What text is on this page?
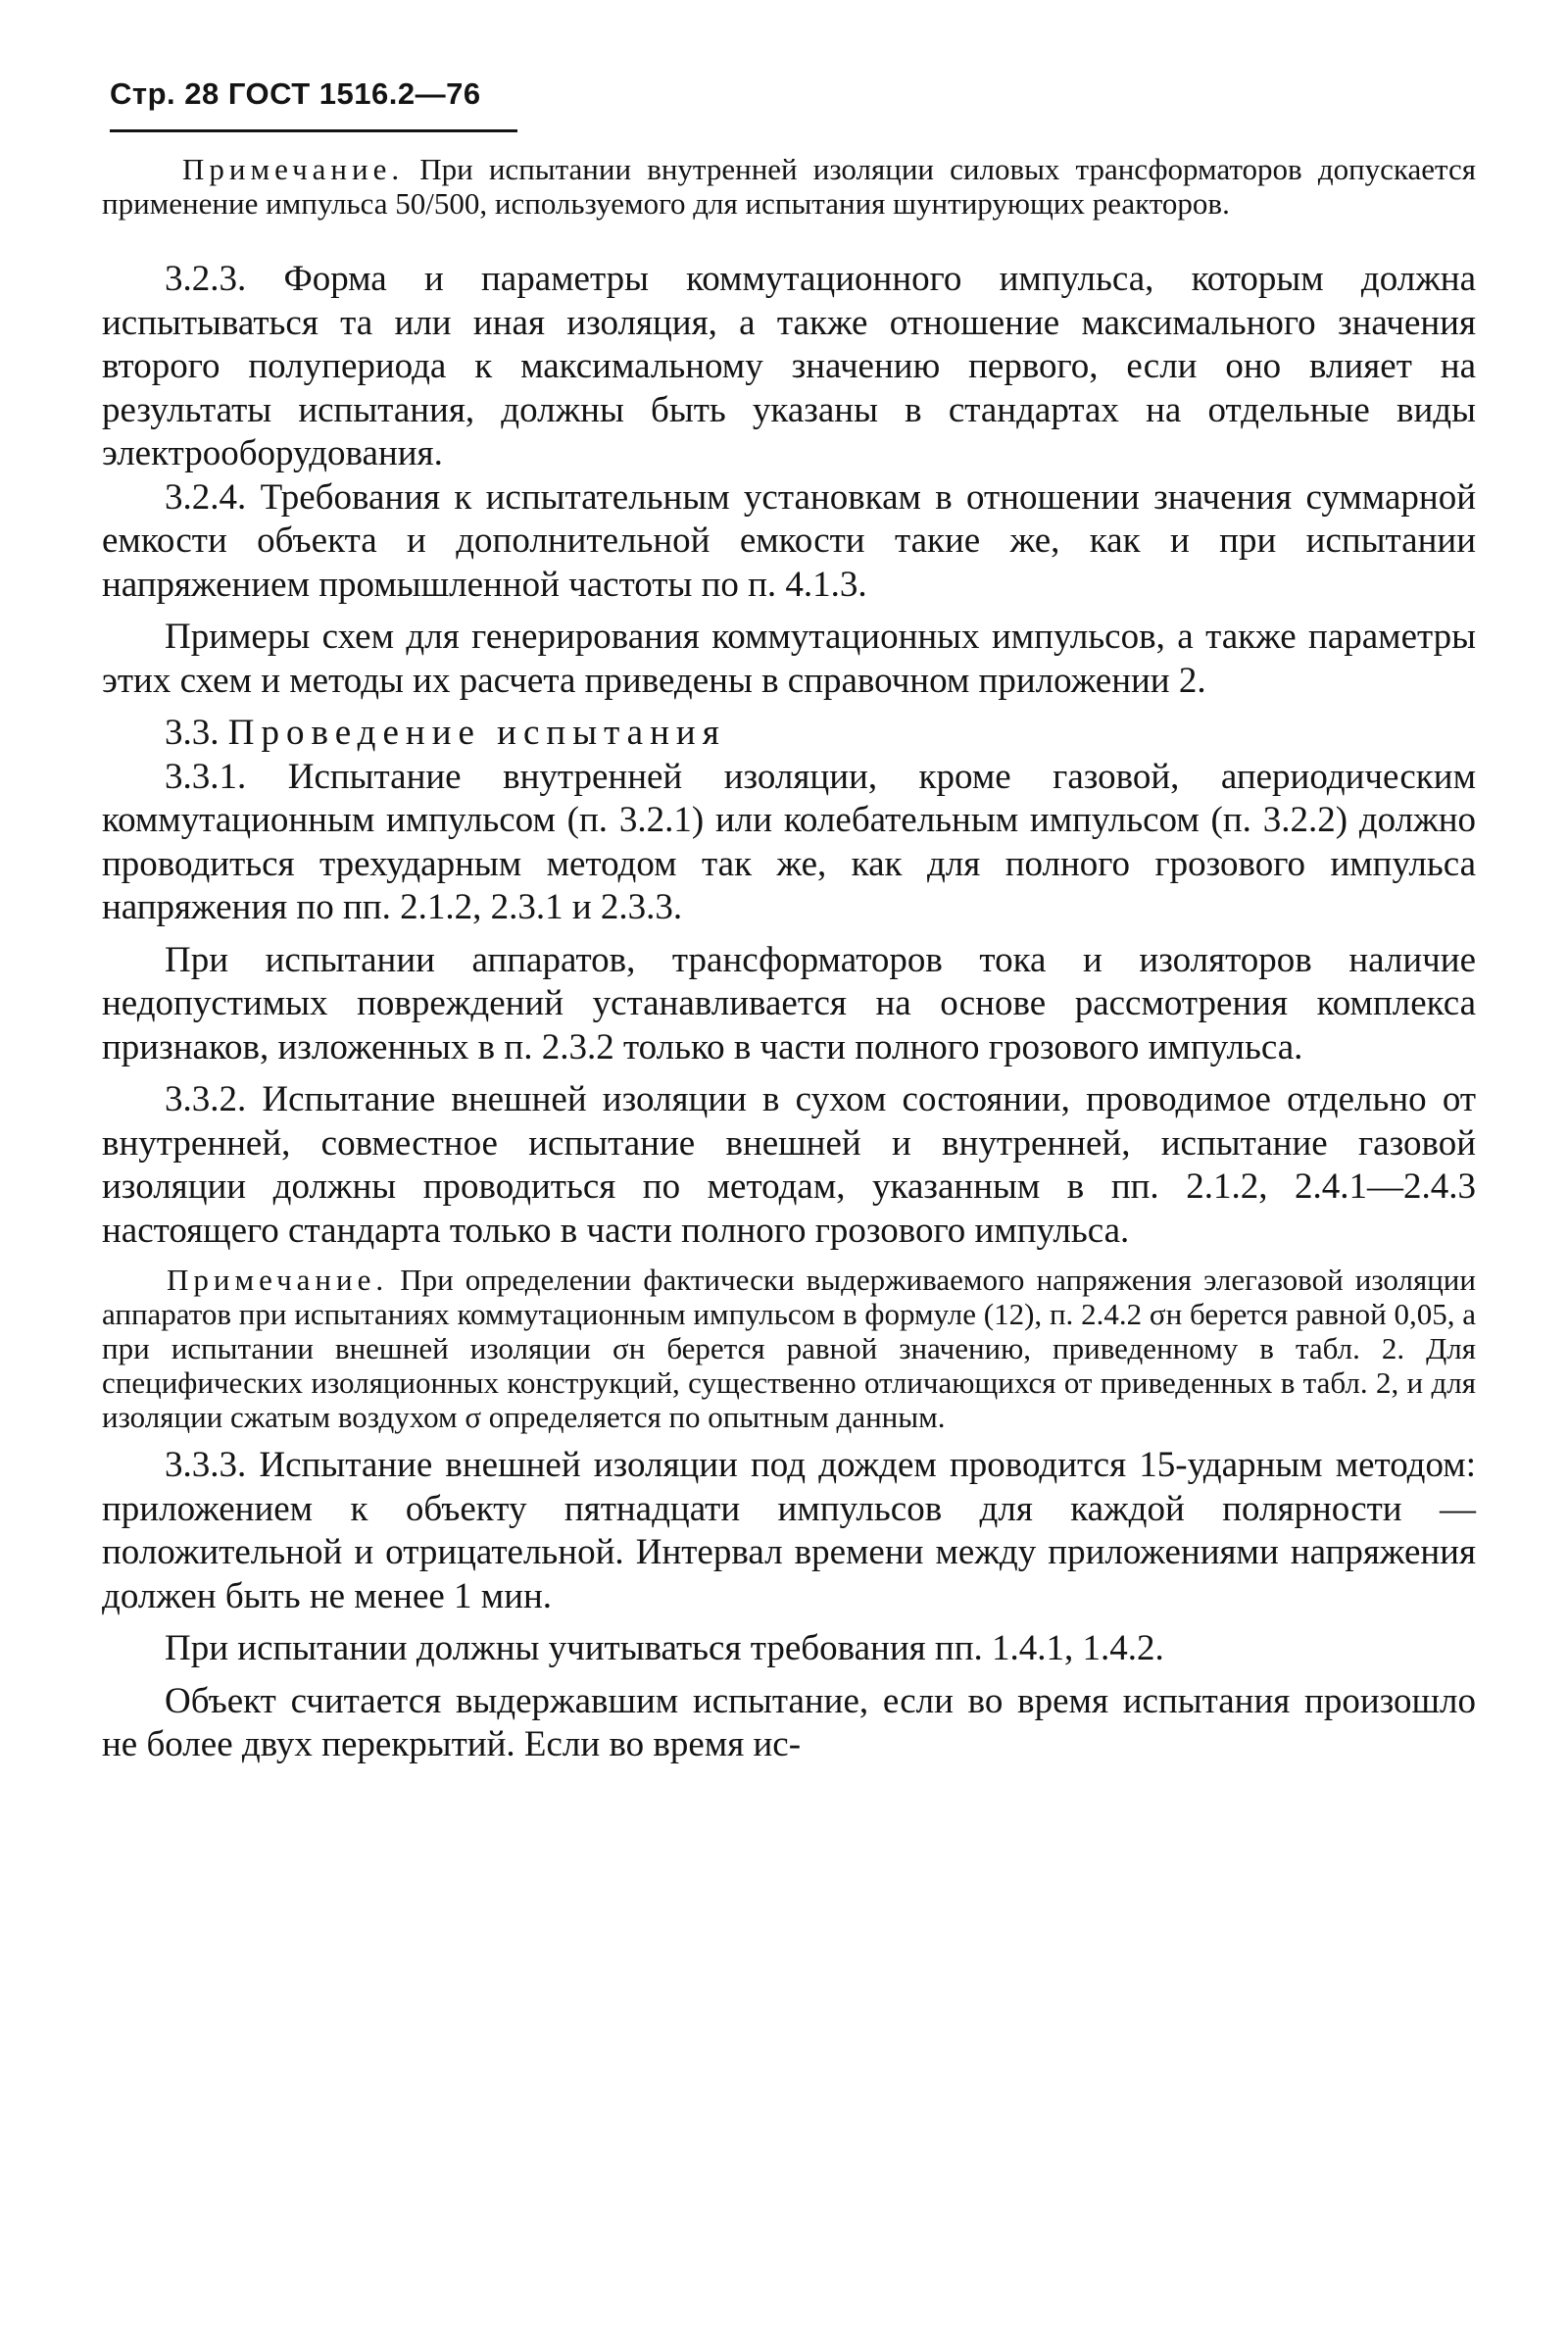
Стр. 28 ГОСТ 1516.2—76

Примечание. При испытании внутренней изоляции силовых трансформаторов допускается применение импульса 50/500, используемого для испытания шунтирующих реакторов.

3.2.3. Форма и параметры коммутационного импульса, которым должна испытываться та или иная изоляция, а также отношение максимального значения второго полупериода к максимальному значению первого, если оно влияет на результаты испытания, должны быть указаны в стандартах на отдельные виды электрооборудования.

3.2.4. Требования к испытательным установкам в отношении значения суммарной емкости объекта и дополнительной емкости такие же, как и при испытании напряжением промышленной частоты по п. 4.1.3.

Примеры схем для генерирования коммутационных импульсов, а также параметры этих схем и методы их расчета приведены в справочном приложении 2.

3.3. Проведение испытания

3.3.1. Испытание внутренней изоляции, кроме газовой, апериодическим коммутационным импульсом (п. 3.2.1) или колебательным импульсом (п. 3.2.2) должно проводиться трехударным методом так же, как для полного грозового импульса напряжения по пп. 2.1.2, 2.3.1 и 2.3.3.

При испытании аппаратов, трансформаторов тока и изоляторов наличие недопустимых повреждений устанавливается на основе рассмотрения комплекса признаков, изложенных в п. 2.3.2 только в части полного грозового импульса.

3.3.2. Испытание внешней изоляции в сухом состоянии, проводимое отдельно от внутренней, совместное испытание внешней и внутренней, испытание газовой изоляции должны проводиться по методам, указанным в пп. 2.1.2, 2.4.1—2.4.3 настоящего стандарта только в части полного грозового импульса.

Примечание. При определении фактически выдерживаемого напряжения элегазовой изоляции аппаратов при испытаниях коммутационным импульсом в формуле (12), п. 2.4.2 σн берется равной 0,05, а при испытании внешней изоляции σн берется равной значению, приведенному в табл. 2. Для специфических изоляционных конструкций, существенно отличающихся от приведенных в табл. 2, и для изоляции сжатым воздухом σ определяется по опытным данным.

3.3.3. Испытание внешней изоляции под дождем проводится 15-ударным методом: приложением к объекту пятнадцати импульсов для каждой полярности — положительной и отрицательной. Интервал времени между приложениями напряжения должен быть не менее 1 мин.

При испытании должны учитываться требования пп. 1.4.1, 1.4.2.

Объект считается выдержавшим испытание, если во время испытания произошло не более двух перекрытий. Если во время ис-
